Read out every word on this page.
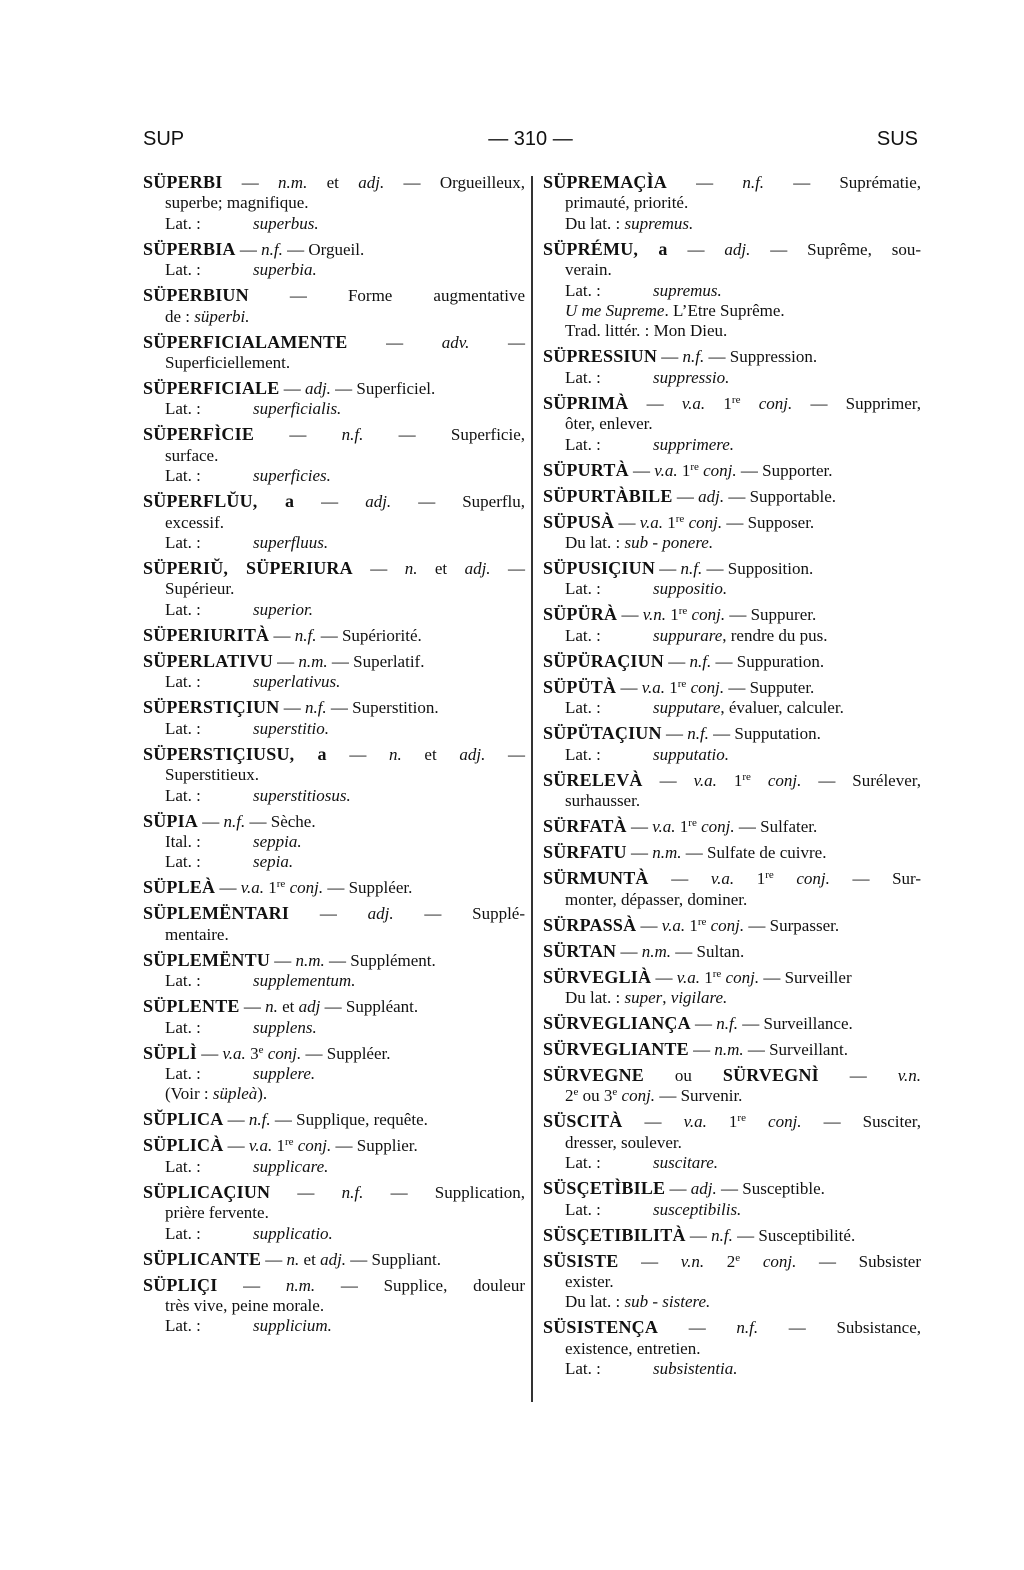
SUP	— 310 —	SUS
SÜPERBI — n.m. et adj. — Orgueilleux,
superbe; magnifique.
Lat. :	superbus.
SÜPERBIA — n.f. — Orgueil.
Lat. :	superbia.
SÜPERBIUN — Forme augmentative
de : süperbi.
SÜPERFICIALAMENTE — adv. —
Superficiellement.
SÜPERFICIALE — adj. — Superficiel.
Lat. :	superficialis.
SÜPERFÌCIE — n.f. — Superficie,
surface.
Lat. :	superficies.
SÜPERFLŬU, a — adj. — Superflu,
excessif.
Lat. :	superfluus.
SÜPERIŬ, SÜPERIURA — n. et adj. —
Supérieur.
Lat. :	superior.
SÜPERIURITÀ — n.f. — Supériorité.
SÜPERLATIVU — n.m. — Superlatif.
Lat. :	superlativus.
SÜPERSTIÇIUN — n.f. — Superstition.
Lat. :	superstitio.
SÜPERSTIÇIUSU, a — n. et adj. —
Superstitieux.
Lat. :	superstitiosus.
SÜPIA — n.f. — Sèche.
Ital. :	seppia.
Lat. :	sepia.
SÜPLEÀ — v.a. 1re conj. — Suppléer.
SÜPLEMËNTARI — adj. — Supplé-
mentaire.
SÜPLEMËNTU — n.m. — Supplément.
Lat. :	supplementum.
SÜPLENTE — n. et adj — Suppléant.
Lat. :	supplens.
SÜPLÌ — v.a. 3e conj. — Suppléer.
Lat. :	supplere.
(Voir : süpleà).
SŬPLICA — n.f. — Supplique, requête.
SÜPLICÀ — v.a. 1re conj. — Supplier.
Lat. :	supplicare.
SÜPLICAÇIUN — n.f. — Supplication,
prière fervente.
Lat. :	supplicatio.
SÜPLICANTE — n. et adj. — Suppliant.
SÜPLIÇI — n.m. — Supplice, douleur
très vive, peine morale.
Lat. :	supplicium.
SÜPREMAÇÌA — n.f. — Suprématie,
primauté, priorité.
Du lat. : supremus.
SÜPRÉMU, a — adj. — Suprême, sou-
verain.
Lat. :	supremus.
U me Supreme. L’Etre Suprême.
Trad. littér. : Mon Dieu.
SÜPRESSIUN — n.f. — Suppression.
Lat. :	suppressio.
SÜPRIMÀ — v.a. 1re conj. — Supprimer,
ôter, enlever.
Lat. :	supprimere.
SÜPURTÀ — v.a. 1re conj. — Supporter.
SÜPURTÀBILE — adj. — Supportable.
SÜPUSÀ — v.a. 1re conj. — Supposer.
Du lat. : sub - ponere.
SÜPUSIÇIUN — n.f. — Supposition.
Lat. :	suppositio.
SÜPÜRÀ — v.n. 1re conj. — Suppurer.
Lat. :	suppurare, rendre du pus.
SÜPÜRAÇIUN — n.f. — Suppuration.
SÜPÜTÀ — v.a. 1re conj. — Supputer.
Lat. :	supputare, évaluer, calculer.
SÜPÜTAÇIUN — n.f. — Supputation.
Lat. :	supputatio.
SÜRELEVÀ — v.a. 1re conj. — Surélever,
surhausser.
SÜRFATÀ — v.a. 1re conj. — Sulfater.
SÜRFATU — n.m. — Sulfate de cuivre.
SÜRMUNTÀ — v.a. 1re conj. — Sur-
monter, dépasser, dominer.
SÜRPASSÀ — v.a. 1re conj. — Surpasser.
SÜRTAN — n.m. — Sultan.
SÜRVEGLIÀ — v.a. 1re conj. — Surveiller
Du lat. : super, vigilare.
SÜRVEGLIANÇA — n.f. — Surveillance.
SÜRVEGLIANTE — n.m. — Surveillant.
SÜRVEGNE ou SÜRVEGNÌ — v.n.
2e ou 3e conj. — Survenir.
SÜSCITÀ — v.a. 1re conj. — Susciter,
dresser, soulever.
Lat. :	suscitare.
SÜSÇETÌBILE — adj. — Susceptible.
Lat. :	susceptibilis.
SÜSÇETIBILITÀ — n.f. — Susceptibilité.
SÜSISTE — v.n. 2e conj. — Subsister
exister.
Du lat. : sub - sistere.
SÜSISTENÇA — n.f. — Subsistance,
existence, entretien.
Lat. :	subsistentia.
